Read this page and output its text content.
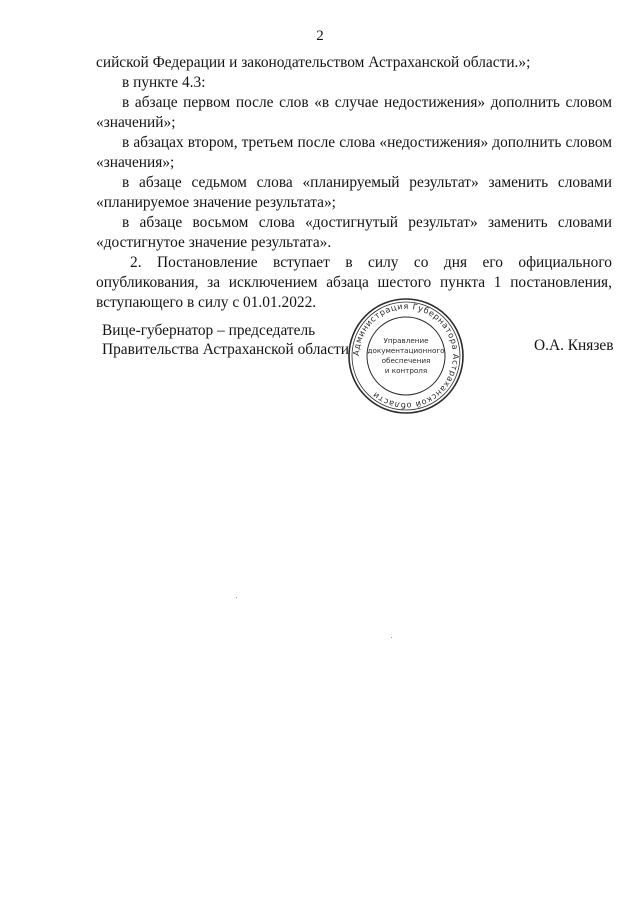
2

сийской Федерации и законодательством Астраханской области.»;

в пункте 4.3:

в абзаце первом после слов «в случае недостижения» дополнить словом «значений»;

в абзацах втором, третьем после слова «недостижения» дополнить словом «значения»;

в абзаце седьмом слова «планируемый результат» заменить словами «планируемое значение результата»;

в абзаце восьмом слова «достигнутый результат» заменить словами «достигнутое значение результата».

2. Постановление вступает в силу со дня его официального опубликования, за исключением абзаца шестого пункта 1 постановления, вступающего в силу с 01.01.2022.

Вице-губернатор – председатель
Правительства Астраханской области Администрация Губернатора Астраханской области
Управление
документационного
обеспечения
и контроля
О.А. Князев
